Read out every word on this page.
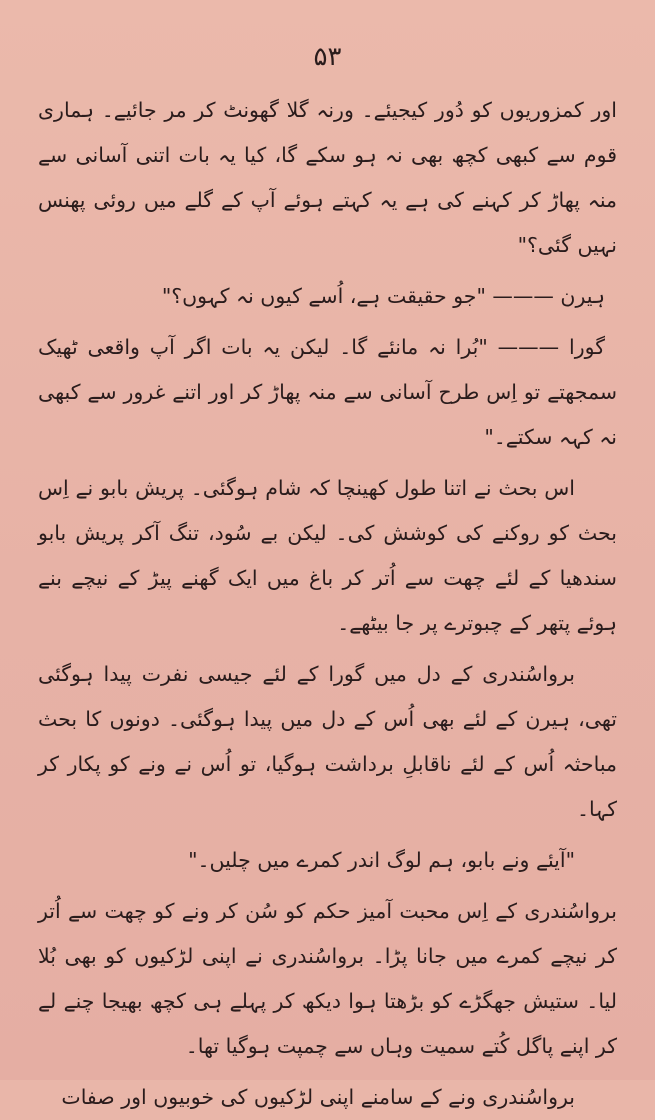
۵۳

اور کمزوریوں کو دُور کیجیئے۔ ورنہ گلا گھونٹ کر مر جائیے۔ ہماری قوم سے کبھی کچھ بھی نہ ہو سکے گا، کیا یہ بات اتنی آسانی سے منہ پھاڑ کر کہنے کی ہے یہ کہتے ہوئے آپ کے گلے میں روئی پھنس نہیں گئی؟"

ہیرن ——— "جو حقیقت ہے، اُسے کیوں نہ کہوں؟"

گورا ——— "بُرا نہ مانئے گا۔ لیکن یہ بات اگر آپ واقعی ٹھیک سمجھتے تو اِس طرح آسانی سے منہ پھاڑ کر اور اتنے غرور سے کبھی نہ کہہ سکتے۔"

اس بحث نے اتنا طول کھینچا کہ شام ہوگئی۔ پریش بابو نے اِس بحث کو روکنے کی کوشش کی۔ لیکن بے سُود، تنگ آکر پریش بابو سندھیا کے لئے چھت سے اُتر کر باغ میں ایک گھنے پیڑ کے نیچے بنے ہوئے پتھر کے چبوترے پر جا بیٹھے۔

برواسُندری کے دل میں گورا کے لئے جیسی نفرت پیدا ہوگئی تھی، ہیرن کے لئے بھی اُس کے دل میں پیدا ہوگئی۔ دونوں کا بحث مباحثہ اُس کے لئے ناقابلِ برداشت ہوگیا، تو اُس نے ونے کو پکار کر کہا۔

"آیئے ونے بابو، ہم لوگ اندر کمرے میں چلیں۔"

برواسُندری کے اِس محبت آمیز حکم کو سُن کر ونے کو چھت سے اُتر کر نیچے کمرے میں جانا پڑا۔ برواسُندری نے اپنی لڑکیوں کو بھی بُلا لیا۔ ستیش جھگڑے کو بڑھتا ہوا دیکھ کر پہلے ہی کچھ بھیجا چنے لے کر اپنے پاگل کُتے سمیت وہاں سے چمپت ہوگیا تھا۔

برواسُندری ونے کے سامنے اپنی لڑکیوں کی خوبیوں اور صفات
